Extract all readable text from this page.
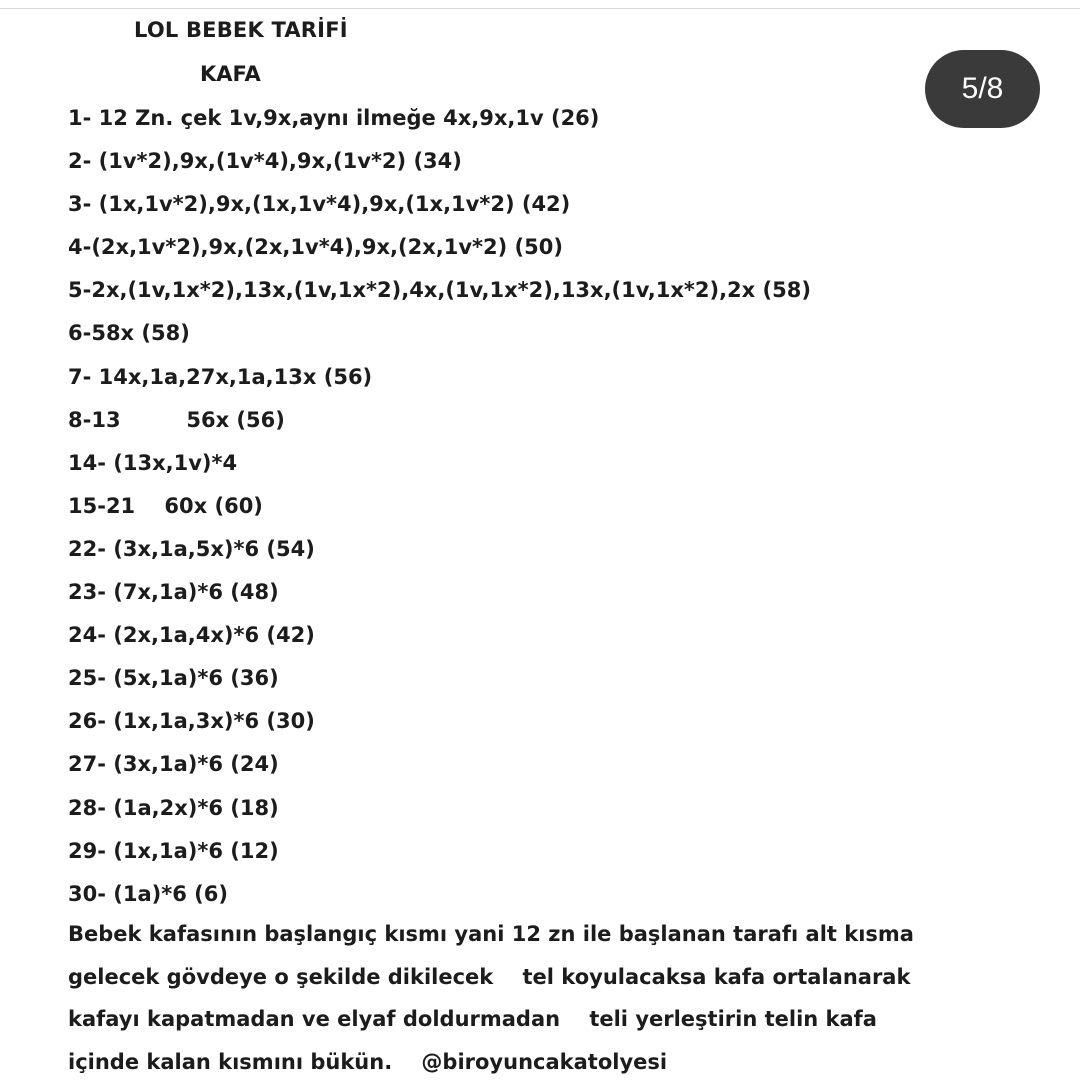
LOL BEBEK TARİFİ
KAFA	5/8
1- 12 Zn. çek 1v,9x,aynı ilmeğe 4x,9x,1v (26)
2- (1v*2),9x,(1v*4),9x,(1v*2) (34)
3- (1x,1v*2),9x,(1x,1v*4),9x,(1x,1v*2) (42)
4-(2x,1v*2),9x,(2x,1v*4),9x,(2x,1v*2) (50)
5-2x,(1v,1x*2),13x,(1v,1x*2),4x,(1v,1x*2),13x,(1v,1x*2),2x (58)
6-58x (58)
7- 14x,1a,27x,1a,13x (56)
8-13         56x (56)
14- (13x,1v)*4
15-21    60x (60)
22- (3x,1a,5x)*6 (54)
23- (7x,1a)*6 (48)
24- (2x,1a,4x)*6 (42)
25- (5x,1a)*6 (36)
26- (1x,1a,3x)*6 (30)
27- (3x,1a)*6 (24)
28- (1a,2x)*6 (18)
29- (1x,1a)*6 (12)
30- (1a)*6 (6)
Bebek kafasının başlangıç kısmı yani 12 zn ile başlanan tarafı alt kısma
gelecek gövdeye o şekilde dikilecek    tel koyulacaksa kafa ortalanarak
kafayı kapatmadan ve elyaf doldurmadan    teli yerleştirin telin kafa
içinde kalan kısmını bükün.    @biroyuncakatolyesi
